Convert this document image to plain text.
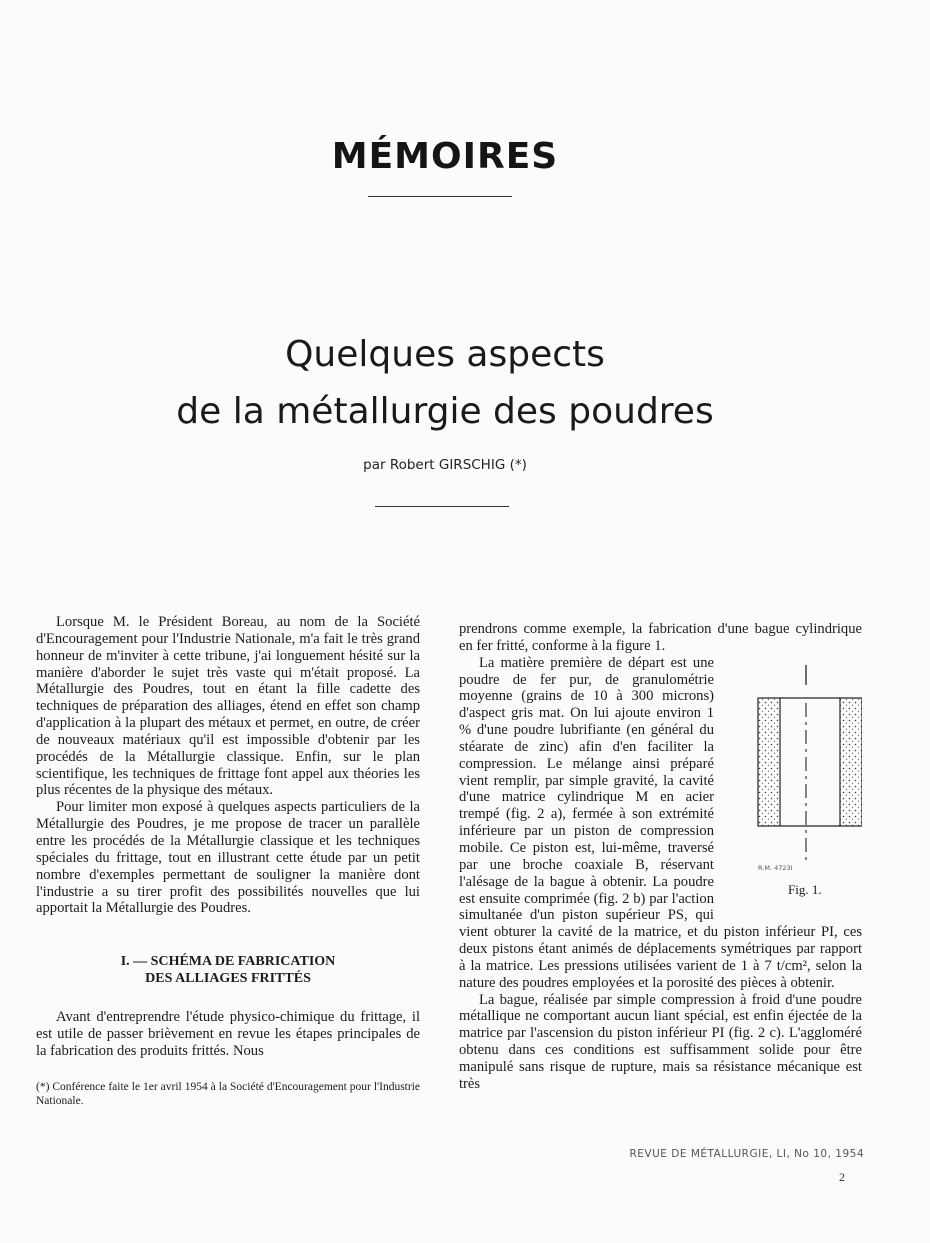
MÉMOIRES
Quelques aspects
de la métallurgie des poudres
par Robert GIRSCHIG (*)

Lorsque M. le Président Boreau, au nom de la Société d'Encouragement pour l'Industrie Nationale, m'a fait le très grand honneur de m'inviter à cette tribune, j'ai longuement hésité sur la manière d'aborder le sujet très vaste qui m'était proposé. La Métallurgie des Poudres, tout en étant la fille cadette des techniques de préparation des alliages, étend en effet son champ d'application à la plupart des métaux et permet, en outre, de créer de nouveaux matériaux qu'il est impossible d'obtenir par les procédés de la Métallurgie classique. Enfin, sur le plan scientifique, les techniques de frittage font appel aux théories les plus récentes de la physique des métaux.

Pour limiter mon exposé à quelques aspects particuliers de la Métallurgie des Poudres, je me propose de tracer un parallèle entre les procédés de la Métallurgie classique et les techniques spéciales du frittage, tout en illustrant cette étude par un petit nombre d'exemples permettant de souligner la manière dont l'industrie a su tirer profit des possibilités nouvelles que lui apportait la Métallurgie des Poudres.

I. — SCHÉMA DE FABRICATION
DES ALLIAGES FRITTÉS

Avant d'entreprendre l'étude physico-chimique du frittage, il est utile de passer brièvement en revue les étapes principales de la fabrication des produits frittés. Nous

(*) Conférence faite le 1er avril 1954 à la Société d'Encouragement pour l'Industrie Nationale.

prendrons comme exemple, la fabrication d'une bague cylindrique en fer fritté, conforme à la figure 1.

R.M. 4723I
Fig. 1.

La matière première de départ est une poudre de fer pur, de granulométrie moyenne (grains de 10 à 300 microns) d'aspect gris mat. On lui ajoute environ 1 % d'une poudre lubrifiante (en général du stéarate de zinc) afin d'en faciliter la compression. Le mélange ainsi préparé vient remplir, par simple gravité, la cavité d'une matrice cylindrique M en acier trempé (fig. 2 a), fermée à son extrémité inférieure par un piston de compression mobile. Ce piston est, lui-même, traversé par une broche coaxiale B, réservant l'alésage de la bague à obtenir. La poudre est ensuite comprimée (fig. 2 b) par l'action simultanée d'un piston supérieur PS, qui vient obturer la cavité de la matrice, et du piston inférieur PI, ces deux pistons étant animés de déplacements symétriques par rapport à la matrice. Les pressions utilisées varient de 1 à 7 t/cm², selon la nature des poudres employées et la porosité des pièces à obtenir.

La bague, réalisée par simple compression à froid d'une poudre métallique ne comportant aucun liant spécial, est enfin éjectée de la matrice par l'ascension du piston inférieur PI (fig. 2 c). L'aggloméré obtenu dans ces conditions est suffisamment solide pour être manipulé sans risque de rupture, mais sa résistance mécanique est très

REVUE DE MÉTALLURGIE, LI, No 10, 1954
2
